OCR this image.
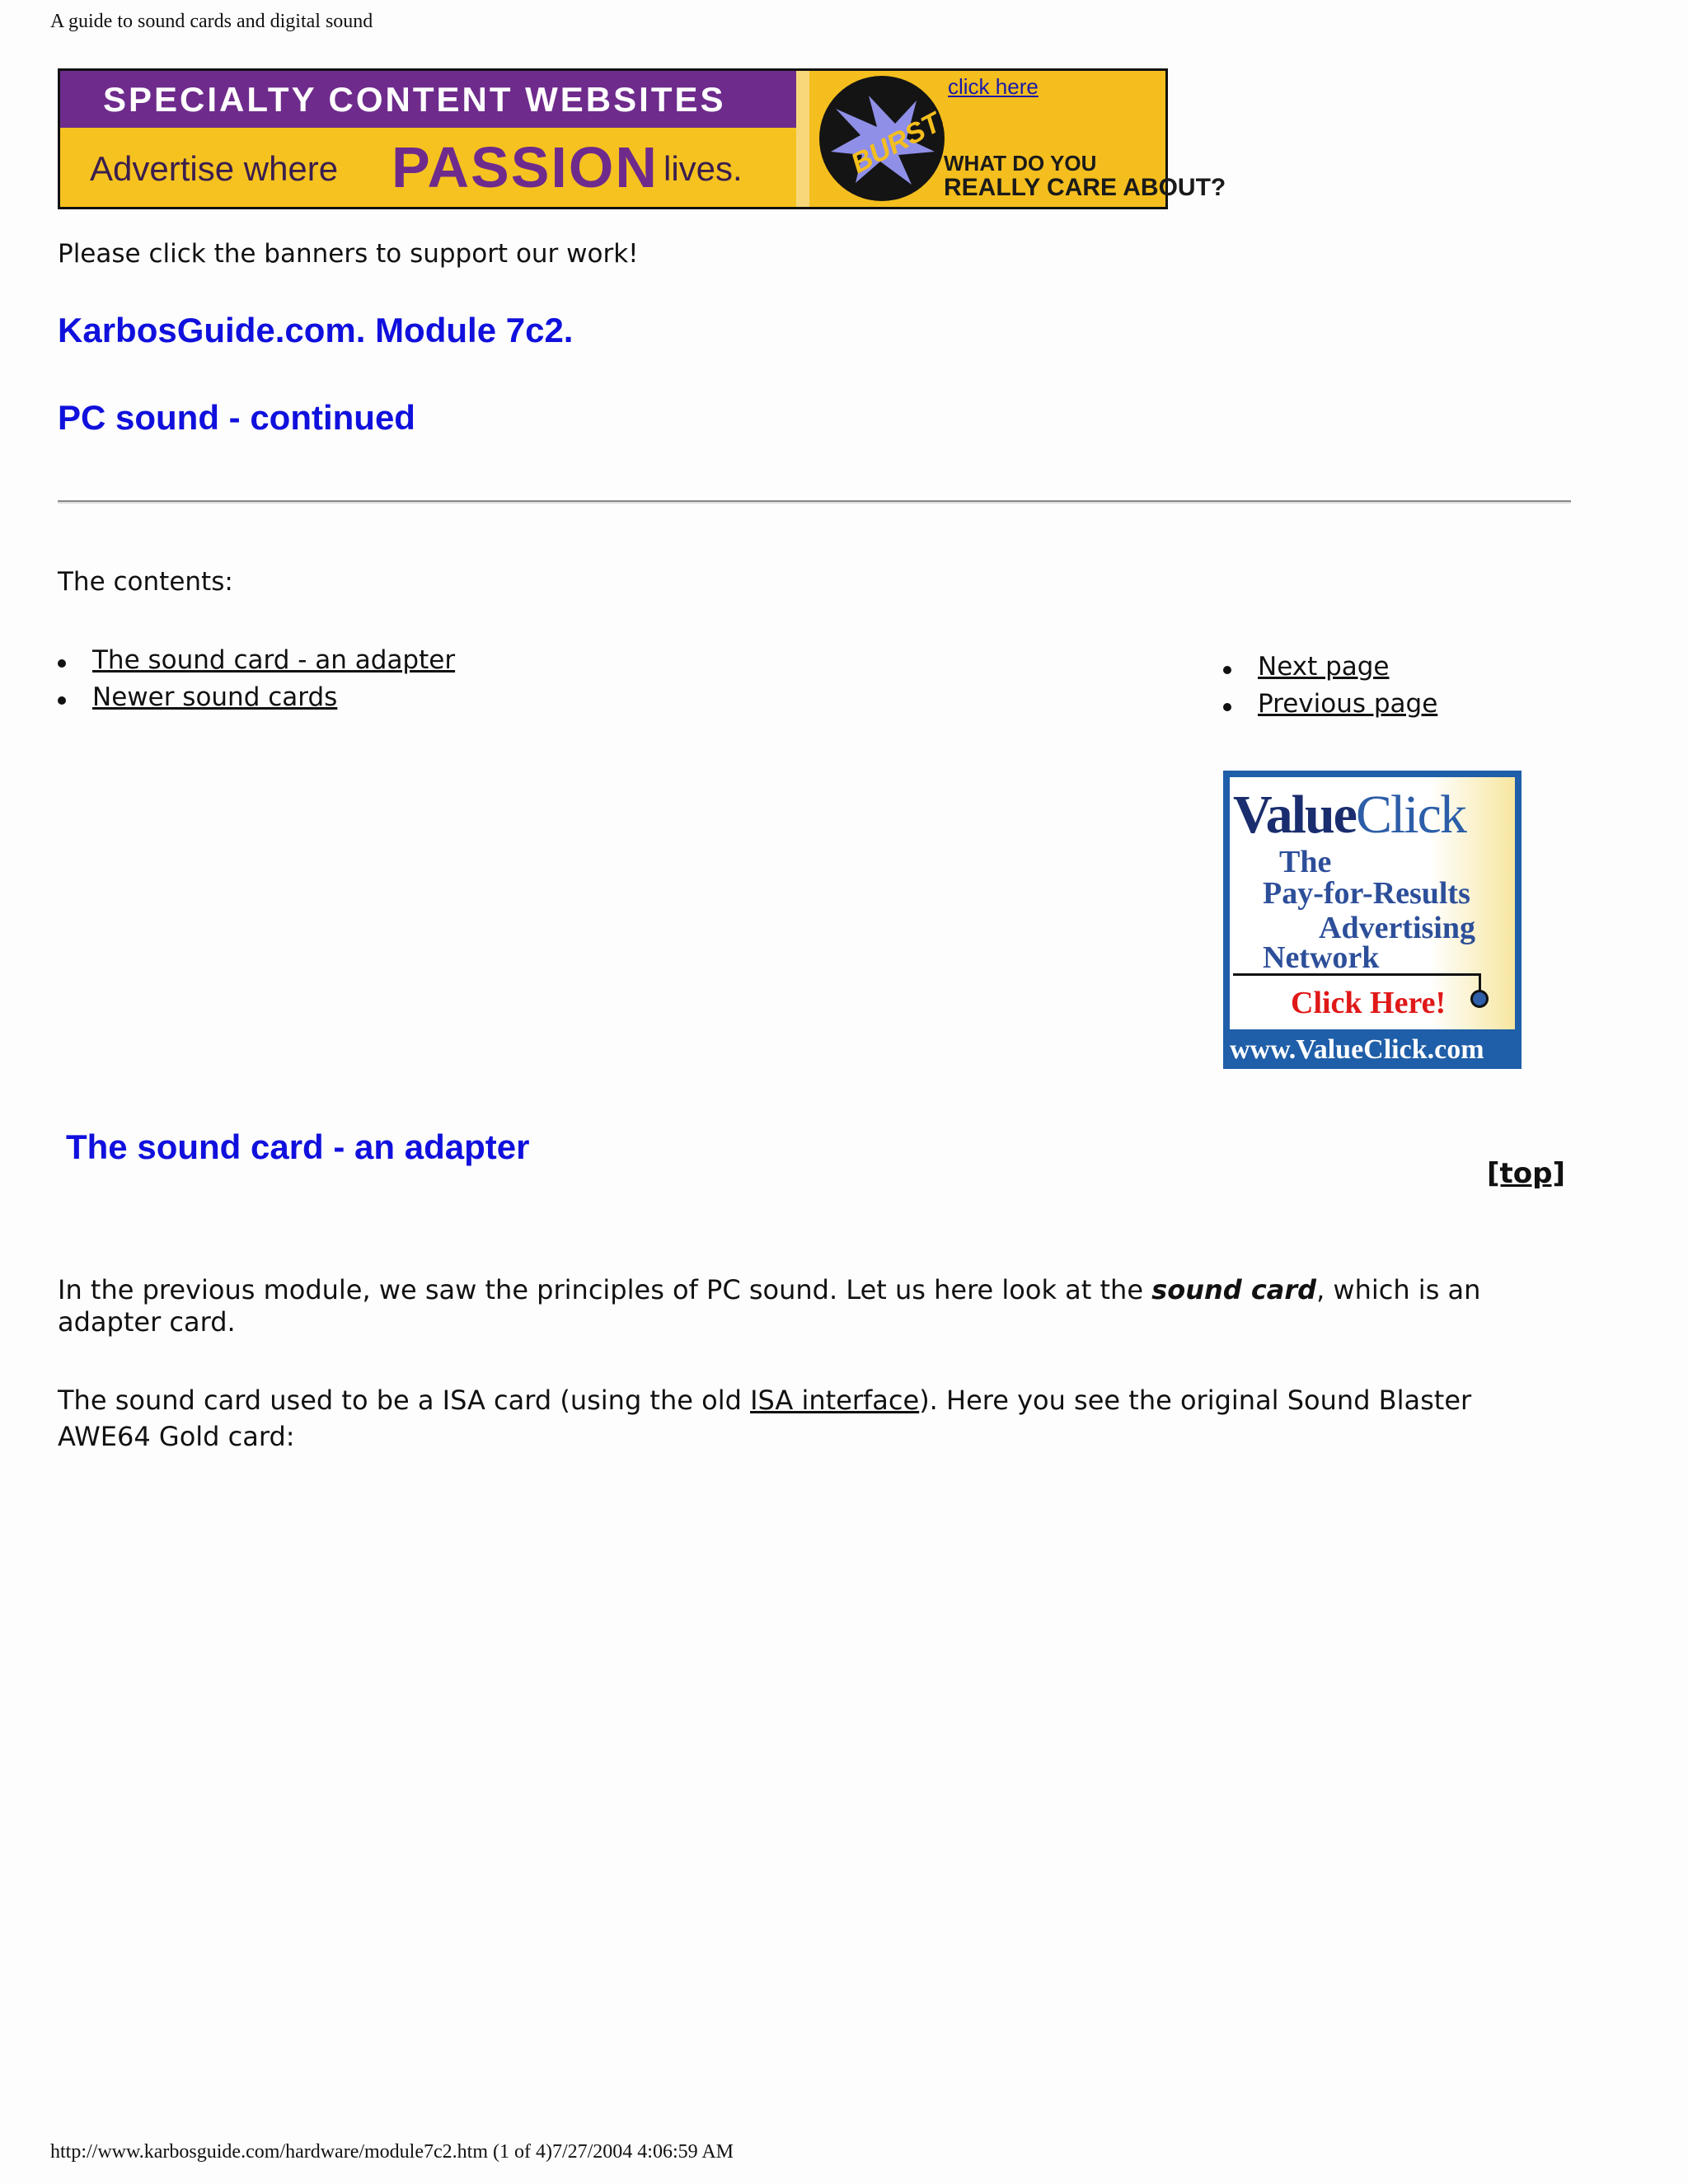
A guide to sound cards and digital sound
SPECIALTY CONTENT WEBSITES
Advertise where PASSION lives.	BURST!
click here
WHAT DO YOU
REALLY CARE ABOUT?
Please click the banners to support our work!
KarbosGuide.com. Module 7c2.
PC sound - continued
The contents:
The sound card - an adapter
Newer sound cards
Next page
Previous page
ValueClick
The
Pay-for-Results
Advertising
Network
Click Here!
www.ValueClick.com
The sound card - an adapter
[top]
In the previous module, we saw the principles of PC sound. Let us here look at the sound card, which is an adapter card.
The sound card used to be a ISA card (using the old ISA interface). Here you see the original Sound Blaster AWE64 Gold card:
http://www.karbosguide.com/hardware/module7c2.htm (1 of 4)7/27/2004 4:06:59 AM
